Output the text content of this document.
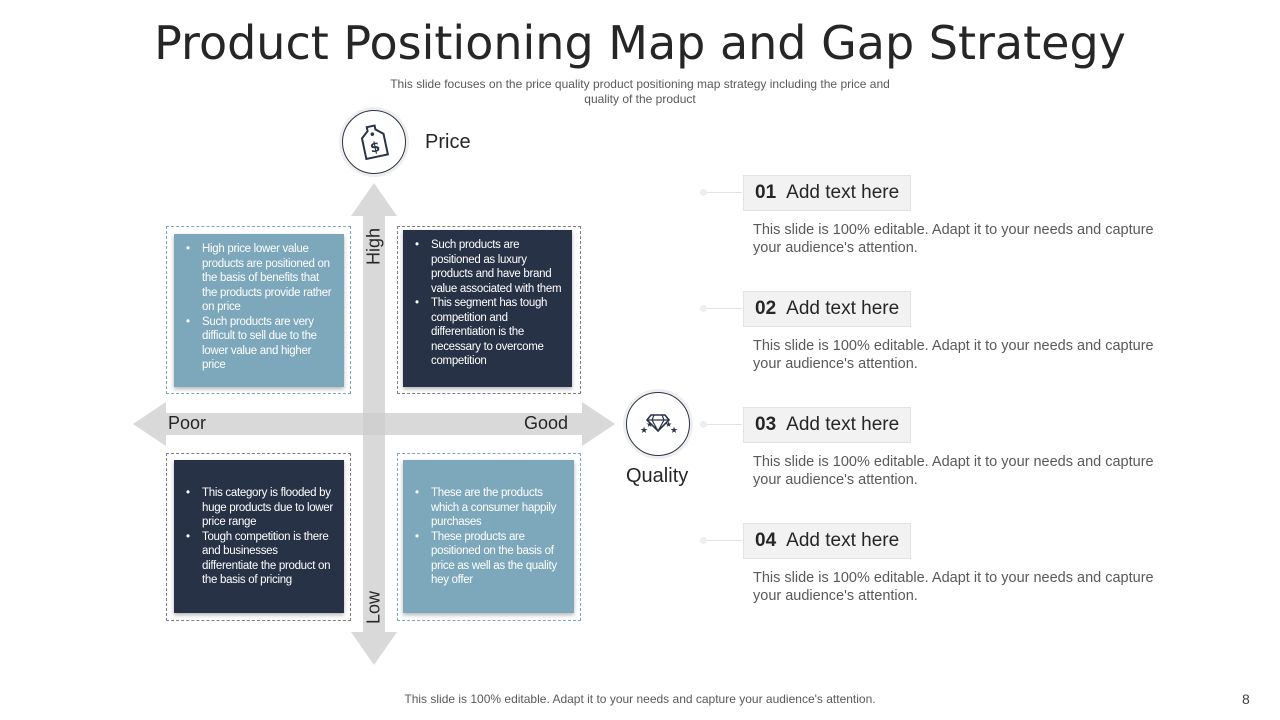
Product Positioning Map and Gap Strategy
This slide focuses on the price quality product positioning map strategy including the price and quality of the product
High
Low
Poor	Good
$ Price
★
★ ★
★
Quality
• High price lower value products are positioned on the basis of benefits that the products provide rather on price
• Such products are very difficult to sell due to the lower value and higher price
• Such products are positioned as luxury products and have brand value associated with them
• This segment has tough competition and differentiation is the necessary to overcome competition
• This category is flooded by huge products due to lower price range
• Tough competition is there and businesses differentiate the product on the basis of pricing
• These are the products which a consumer happily purchases
• These products are positioned on the basis of price as well as the quality hey offer
01 Add text here
This slide is 100% editable. Adapt it to your needs and capture your audience's attention.
02 Add text here
This slide is 100% editable. Adapt it to your needs and capture your audience's attention.
03 Add text here
This slide is 100% editable. Adapt it to your needs and capture your audience's attention.
04 Add text here
This slide is 100% editable. Adapt it to your needs and capture your audience's attention.
This slide is 100% editable. Adapt it to your needs and capture your audience's attention.	8
